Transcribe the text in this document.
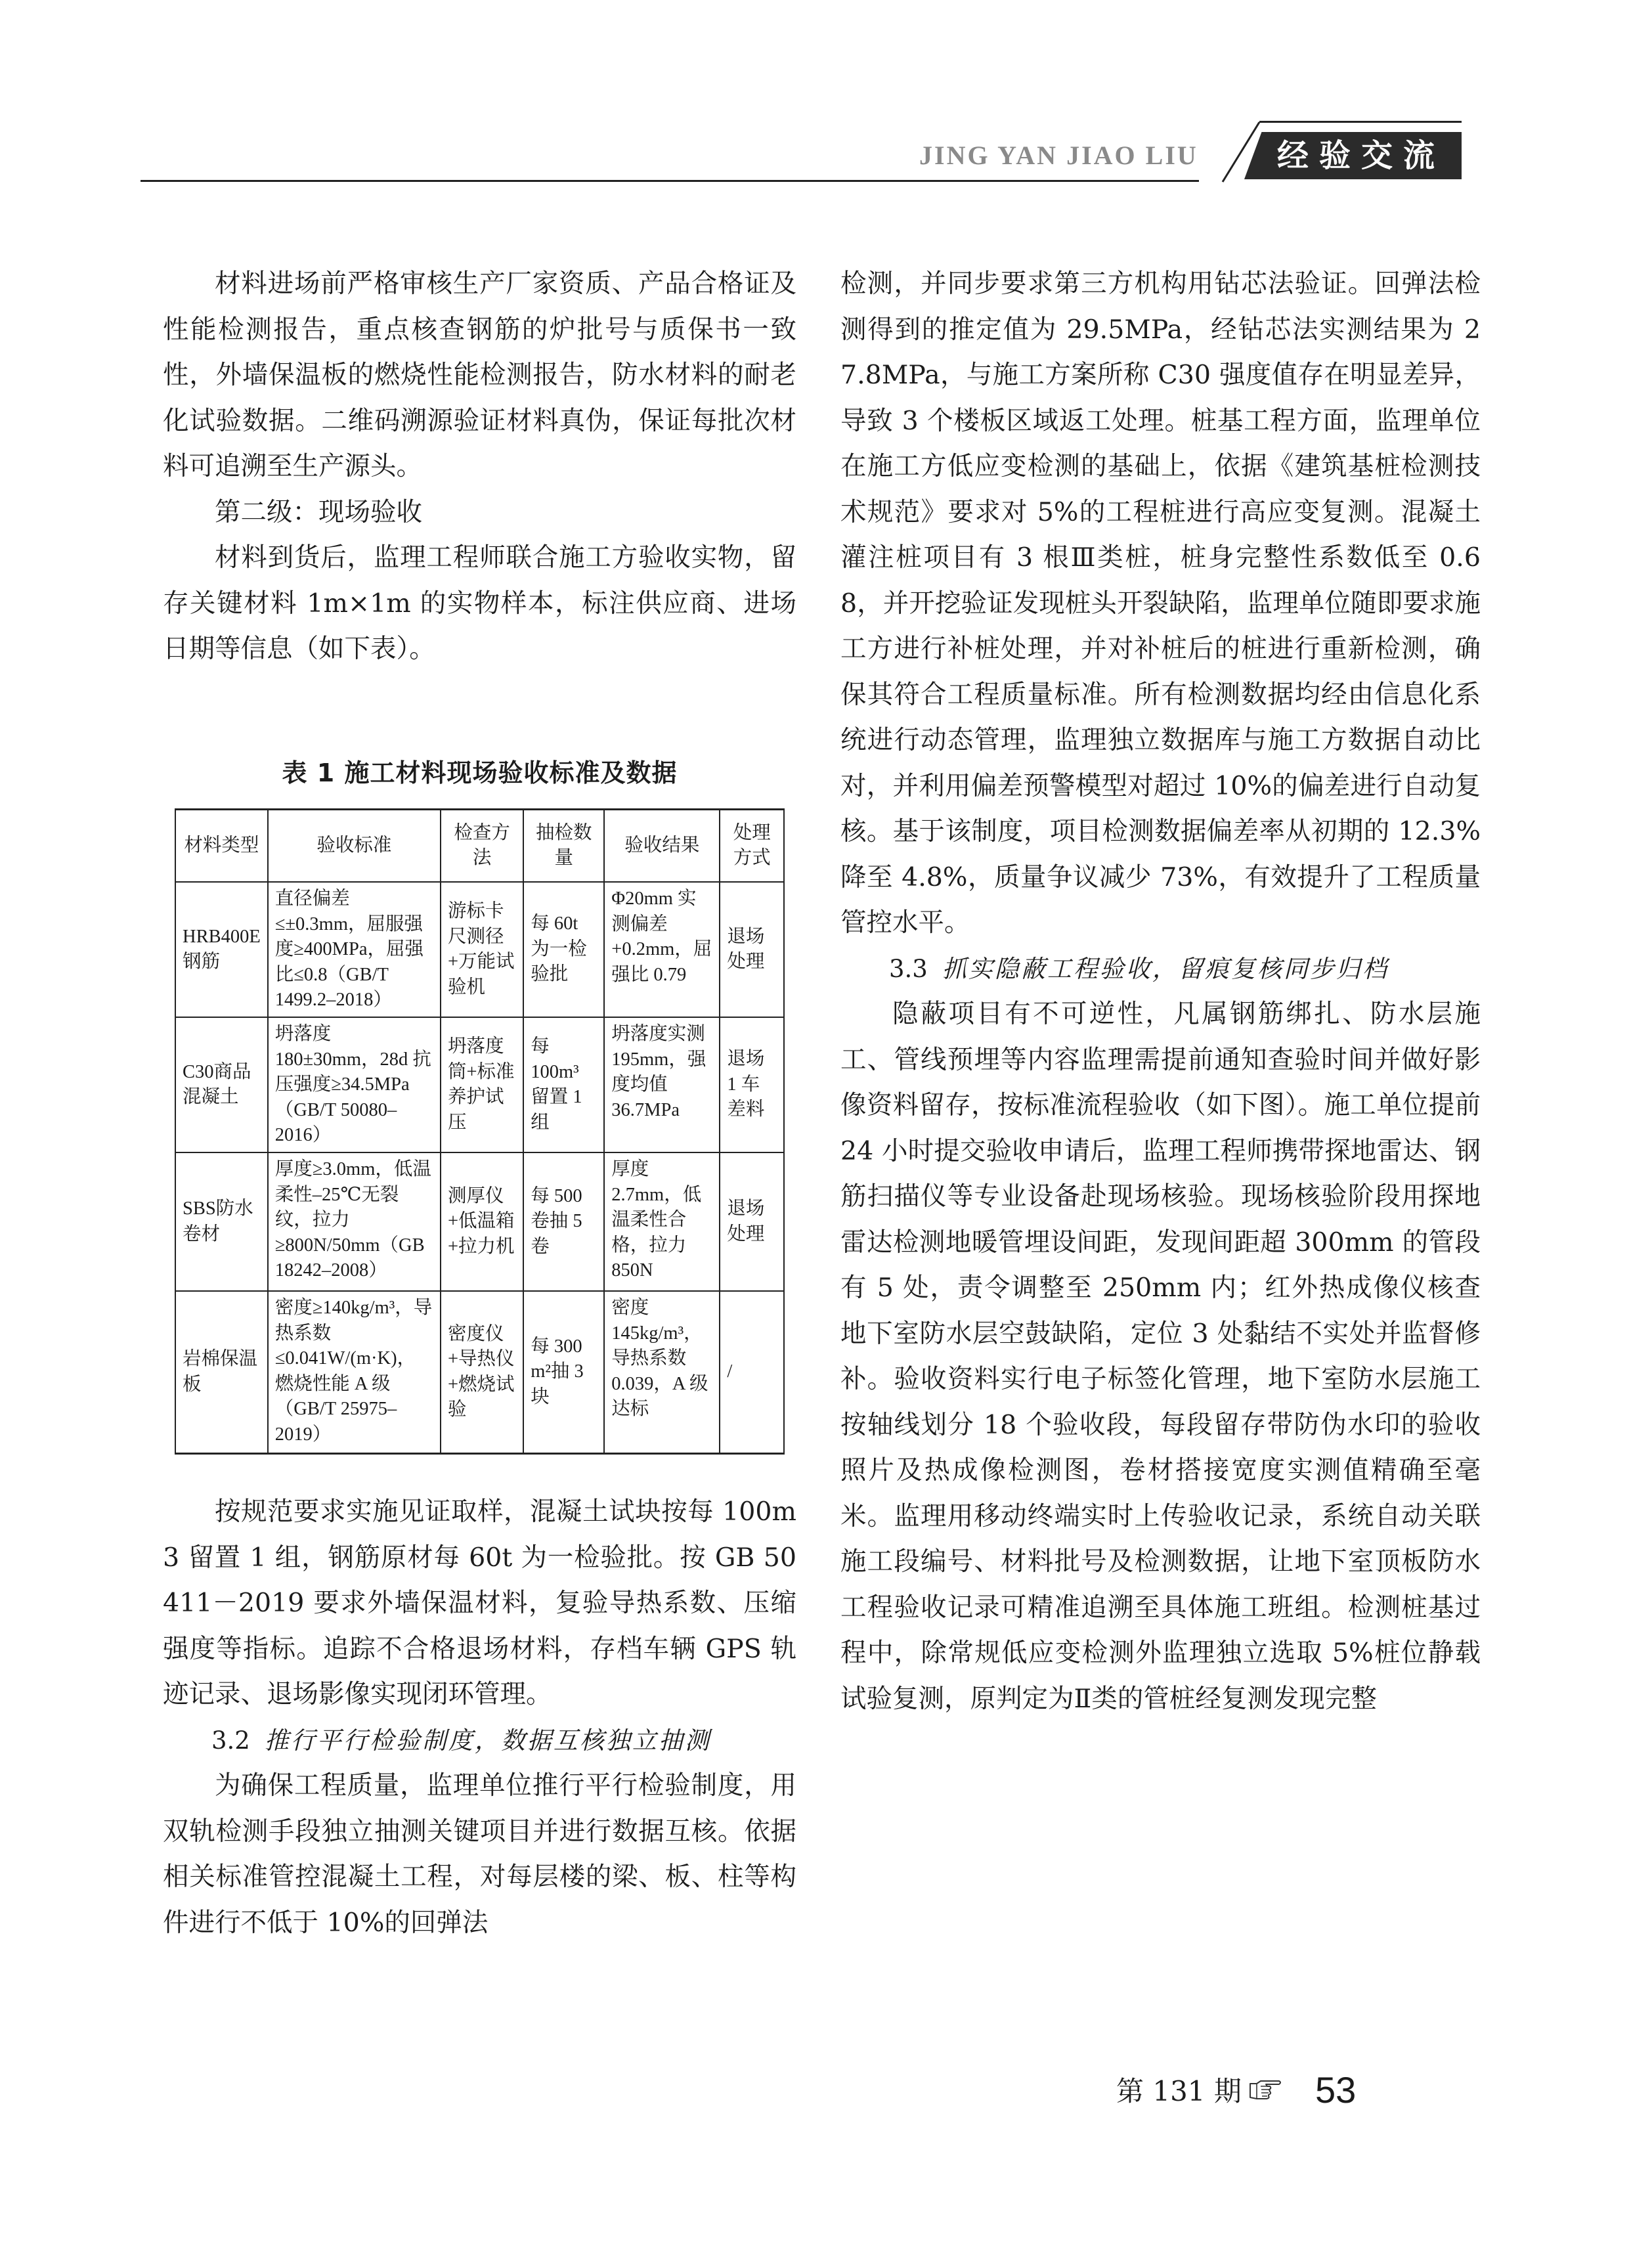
JING YAN JIAO LIU	经验交流

材料进场前严格审核生产厂家资质、产品合格证及性能检测报告，重点核查钢筋的炉批号与质保书一致性，外墙保温板的燃烧性能检测报告，防水材料的耐老化试验数据。二维码溯源验证材料真伪，保证每批次材料可追溯至生产源头。

第二级：现场验收

材料到货后，监理工程师联合施工方验收实物，留存关键材料 1m×1m 的实物样本，标注供应商、进场日期等信息（如下表）。

表 1 施工材料现场验收标准及数据
材料类型	验收标准	检查方法	抽检数量	验收结果	处理方式
HRB400E钢筋	直径偏差≤±0.3mm，屈服强度≥400MPa，屈强比≤0.8（GB/T 1499.2–2018）	游标卡尺测径+万能试验机	每 60t 为一检验批	Φ20mm 实测偏差+0.2mm，屈强比 0.79	退场处理
C30商品混凝土	坍落度 180±30mm，28d 抗压强度≥34.5MPa（GB/T 50080–2016）	坍落度筒+标准养护试压	每 100m³ 留置 1 组	坍落度实测 195mm，强度均值 36.7MPa	退场 1 车差料
SBS防水卷材	厚度≥3.0mm，低温柔性–25℃无裂纹，拉力≥800N/50mm（GB 18242–2008）	测厚仪+低温箱+拉力机	每 500 卷抽 5 卷	厚度 2.7mm，低温柔性合格，拉力 850N	退场处理
岩棉保温板	密度≥140kg/m³，导热系数≤0.041W/(m·K)，燃烧性能 A 级（GB/T 25975–2019）	密度仪+导热仪+燃烧试验	每 300 m²抽 3 块	密度 145kg/m³，导热系数 0.039，A 级达标	/

按规范要求实施见证取样，混凝土试块按每 100m3 留置 1 组，钢筋原材每 60t 为一检验批。按 GB 50411－2019 要求外墙保温材料，复验导热系数、压缩强度等指标。追踪不合格退场材料，存档车辆 GPS 轨迹记录、退场影像实现闭环管理。

3.2 推行平行检验制度，数据互核独立抽测

为确保工程质量，监理单位推行平行检验制度，用双轨检测手段独立抽测关键项目并进行数据互核。依据相关标准管控混凝土工程，对每层楼的梁、板、柱等构件进行不低于 10%的回弹法

检测，并同步要求第三方机构用钻芯法验证。回弹法检测得到的推定值为 29.5MPa，经钻芯法实测结果为 27.8MPa，与施工方案所称 C30 强度值存在明显差异，导致 3 个楼板区域返工处理。桩基工程方面，监理单位在施工方低应变检测的基础上，依据《建筑基桩检测技术规范》要求对 5%的工程桩进行高应变复测。混凝土灌注桩项目有 3 根Ⅲ类桩，桩身完整性系数低至 0.68，并开挖验证发现桩头开裂缺陷，监理单位随即要求施工方进行补桩处理，并对补桩后的桩进行重新检测，确保其符合工程质量标准。所有检测数据均经由信息化系统进行动态管理，监理独立数据库与施工方数据自动比对，并利用偏差预警模型对超过 10%的偏差进行自动复核。基于该制度，项目检测数据偏差率从初期的 12.3%降至 4.8%，质量争议减少 73%，有效提升了工程质量管控水平。

3.3 抓实隐蔽工程验收，留痕复核同步归档

隐蔽项目有不可逆性，凡属钢筋绑扎、防水层施工、管线预埋等内容监理需提前通知查验时间并做好影像资料留存，按标准流程验收（如下图）。施工单位提前 24 小时提交验收申请后，监理工程师携带探地雷达、钢筋扫描仪等专业设备赴现场核验。现场核验阶段用探地雷达检测地暖管埋设间距，发现间距超 300mm 的管段有 5 处，责令调整至 250mm 内；红外热成像仪核查地下室防水层空鼓缺陷，定位 3 处黏结不实处并监督修补。验收资料实行电子标签化管理，地下室防水层施工按轴线划分 18 个验收段，每段留存带防伪水印的验收照片及热成像检测图，卷材搭接宽度实测值精确至毫米。监理用移动终端实时上传验收记录，系统自动关联施工段编号、材料批号及检测数据，让地下室顶板防水工程验收记录可精准追溯至具体施工班组。检测桩基过程中，除常规低应变检测外监理独立选取 5%桩位静载试验复测，原判定为Ⅱ类的管桩经复测发现完整

第 131 期 53
